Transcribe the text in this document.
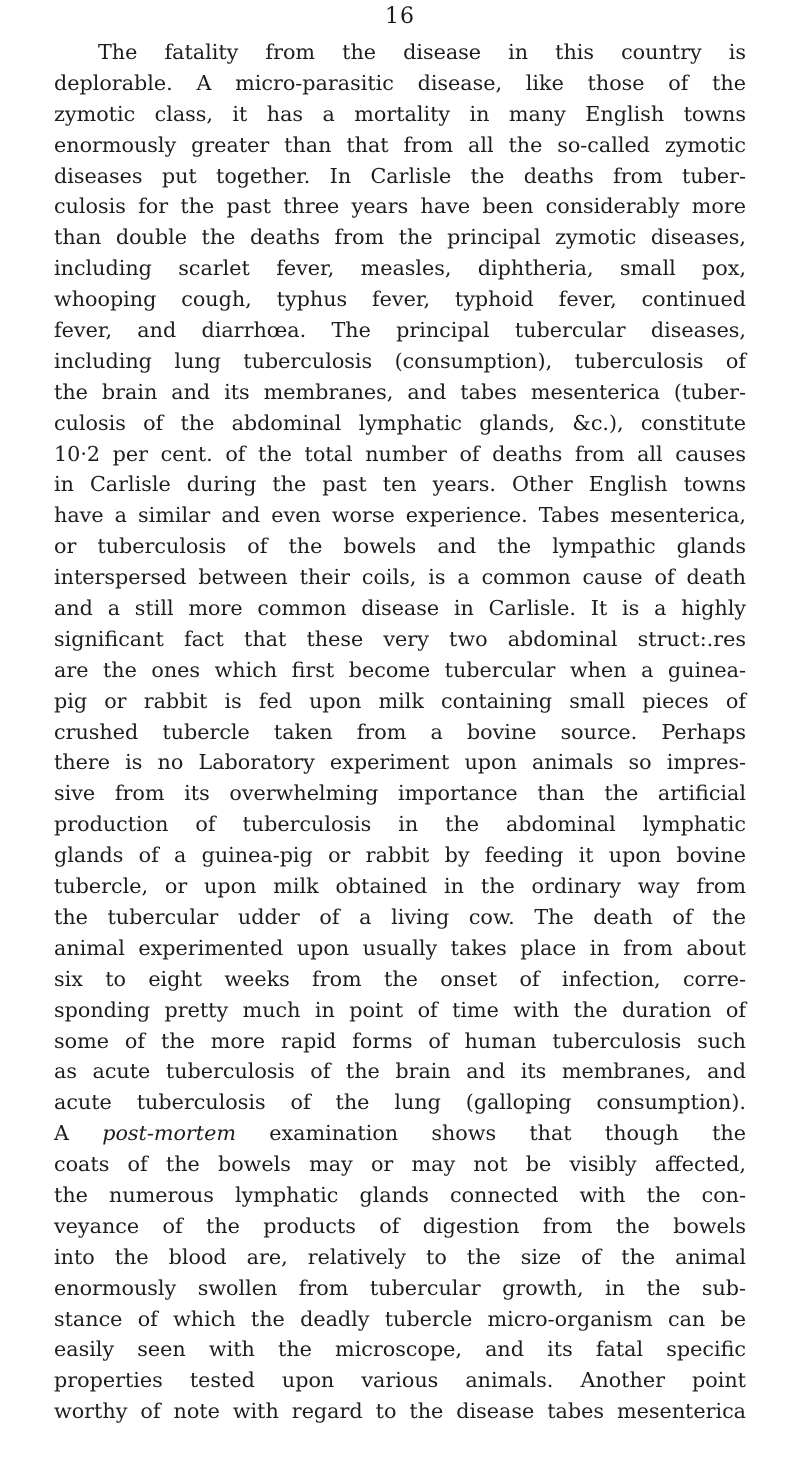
16
The fatality from the disease in this country is
deplorable. A micro-parasitic disease, like those of the
zymotic class, it has a mortality in many English towns
enormously greater than that from all the so-called zymotic
diseases put together. In Carlisle the deaths from tuber-
culosis for the past three years have been considerably more
than double the deaths from the principal zymotic diseases,
including scarlet fever, measles, diphtheria, small pox,
whooping cough, typhus fever, typhoid fever, continued
fever, and diarrhœa. The principal tubercular diseases,
including lung tuberculosis (consumption), tuberculosis of
the brain and its membranes, and tabes mesenterica (tuber-
culosis of the abdominal lymphatic glands, &c.), constitute
10·2 per cent. of the total number of deaths from all causes
in Carlisle during the past ten years. Other English towns
have a similar and even worse experience. Tabes mesenterica,
or tuberculosis of the bowels and the lympathic glands
interspersed between their coils, is a common cause of death
and a still more common disease in Carlisle. It is a highly
significant fact that these very two abdominal struct:.res
are the ones which first become tubercular when a guinea-
pig or rabbit is fed upon milk containing small pieces of
crushed tubercle taken from a bovine source. Perhaps
there is no Laboratory experiment upon animals so impres-
sive from its overwhelming importance than the artificial
production of tuberculosis in the abdominal lymphatic
glands of a guinea-pig or rabbit by feeding it upon bovine
tubercle, or upon milk obtained in the ordinary way from
the tubercular udder of a living cow. The death of the
animal experimented upon usually takes place in from about
six to eight weeks from the onset of infection, corre-
sponding pretty much in point of time with the duration of
some of the more rapid forms of human tuberculosis such
as acute tuberculosis of the brain and its membranes, and
acute tuberculosis of the lung (galloping consumption).
A post-mortem examination shows that though the
coats of the bowels may or may not be visibly affected,
the numerous lymphatic glands connected with the con-
veyance of the products of digestion from the bowels
into the blood are, relatively to the size of the animal
enormously swollen from tubercular growth, in the sub-
stance of which the deadly tubercle micro-organism can be
easily seen with the microscope, and its fatal specific
properties tested upon various animals. Another point
worthy of note with regard to the disease tabes mesenterica
